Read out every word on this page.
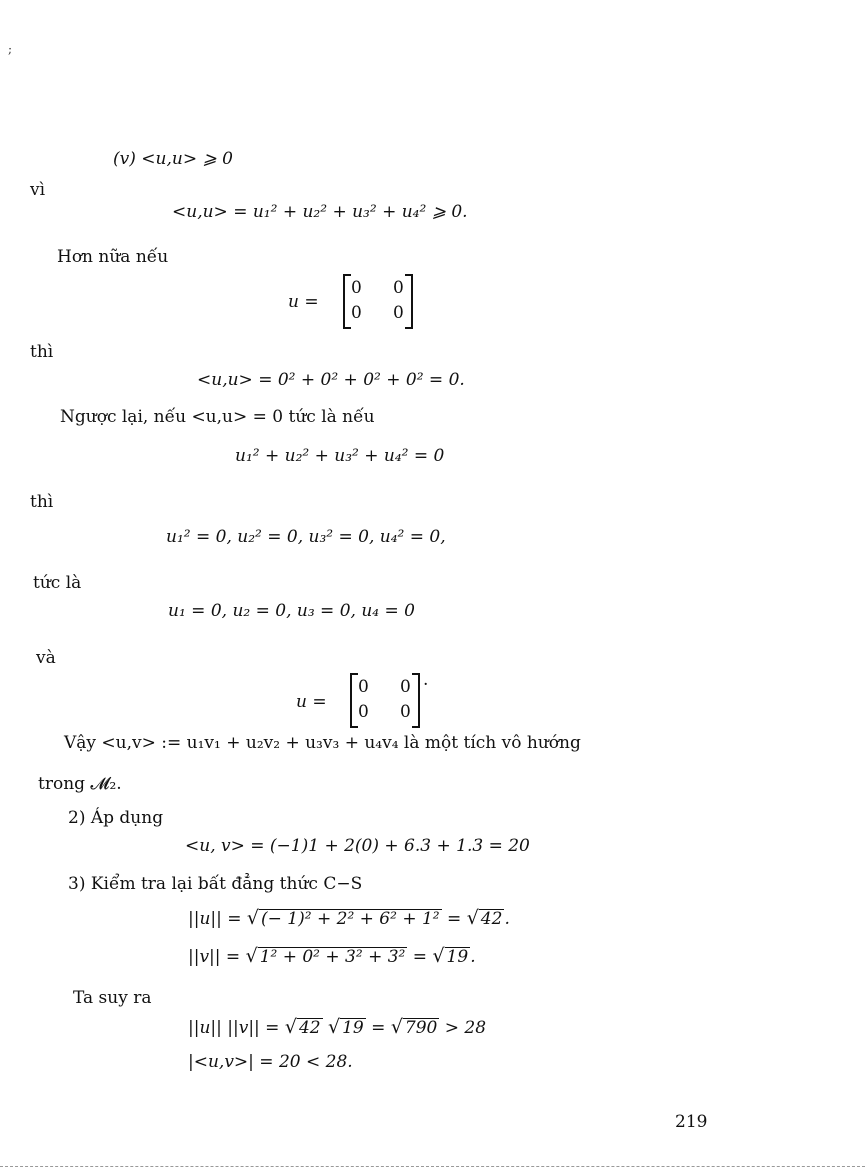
;
(v) <u,u> ⩾ 0
vì
<u,u> = u₁² + u₂² + u₃² + u₄² ⩾ 0.
Hơn nữa nếu
u =
0 0
0 0
thì
<u,u> = 0² + 0² + 0² + 0² = 0.
Ngược lại, nếu <u,u> = 0 tức là nếu
u₁² + u₂² + u₃² + u₄² = 0
thì
u₁² = 0, u₂² = 0, u₃² = 0, u₄² = 0,
tức là
u₁ = 0, u₂ = 0, u₃ = 0, u₄ = 0
và
u =
0 0
0 0
.
Vậy <u,v> := u₁v₁ + u₂v₂ + u₃v₃ + u₄v₄ là một tích vô hướng
trong 𝓜₂.
2) Áp dụng
<u, v> = (−1)1 + 2(0) + 6.3 + 1.3 = 20
3) Kiểm tra lại bất đẳng thức C−S
||u|| = √ (− 1)² + 2² + 6² + 1² = √ 42 .
||v|| = √ 1² + 0² + 3² + 3² = √ 19 .
Ta suy ra
||u|| ||v|| = √ 42 √ 19 = √ 790 > 28
|<u,v>| = 20 < 28.
219
